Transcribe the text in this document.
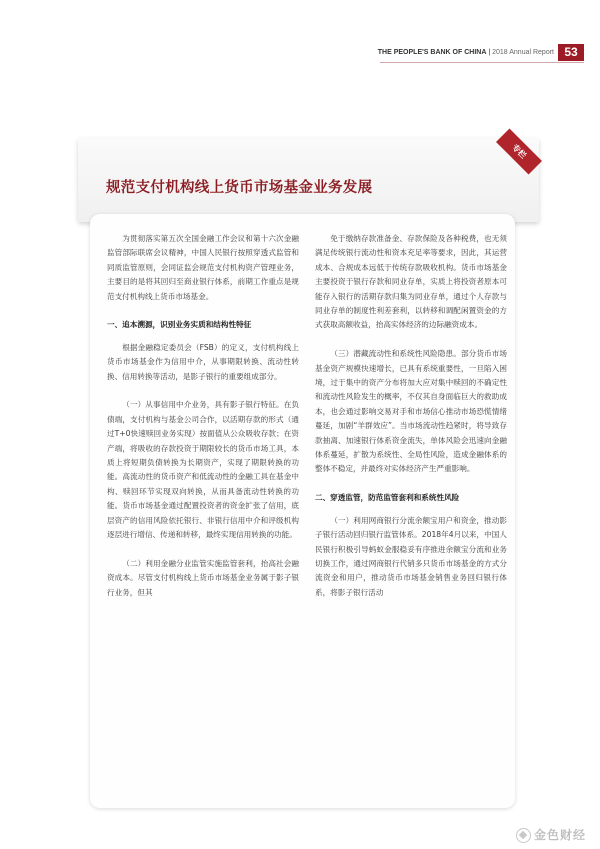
THE PEOPLE'S BANK OF CHINA | 2018 Annual Report 53
规范支付机构线上货币市场基金业务发展
专栏

为贯彻落实第五次全国金融工作会议和第十六次金融监管部际联席会议精神，中国人民银行按照穿透式监管和同质监管原则，会同证监会规范支付机构资产管理业务，主要目的是将其回归至商业银行体系，前期工作重点是规范支付机构线上货币市场基金。

一、追本溯源，识别业务实质和结构性特征

根据金融稳定委员会（FSB）的定义，支付机构线上货币市场基金作为信用中介，从事期限转换、流动性转换、信用转换等活动，是影子银行的重要组成部分。

（一）从事信用中介业务，具有影子银行特征。在负债端，支付机构与基金公司合作，以活期存款的形式（通过T+0快速赎回业务实现）按面值从公众吸收存款；在资产端，将吸收的存款投资于期限较长的货币市场工具，本质上将短期负债转换为长期资产，实现了期限转换的功能。高流动性的货币资产和低流动性的金融工具在基金中构、赎回环节实现双向转换，从而具备流动性转换的功能。货币市场基金通过配置投资者的资金扩张了信用，底层资产的信用风险依托银行、非银行信用中介和评级机构逐层进行增信、传递和转移，最终实现信用转换的功能。

（二）利用金融分业监管实施监管套利，抬高社会融资成本。尽管支付机构线上货币市场基金业务属于影子银行业务，但其

免于缴纳存款准备金、存款保险及各种税费，也无须满足传统银行流动性和资本充足率等要求，因此，其运营成本、合规成本远低于传统存款吸收机构。货币市场基金主要投资于银行存款和同业存单，实质上将投资者原本可能存入银行的活期存款归集为同业存单，通过个人存款与同业存单的制度性利差套利，以转移和调配闲置资金的方式获取高额收益，抬高实体经济的边际融资成本。

（三）潜藏流动性和系统性风险隐患。部分货币市场基金资产规模快速增长，已具有系统重要性，一旦陷入困境，过于集中的资产分布将加大应对集中赎回的不确定性和流动性风险发生的概率，不仅其自身面临巨大的救助成本，也会通过影响交易对手和市场信心推动市场恐慌情绪蔓延，加剧“羊群效应”。当市场流动性趋紧时，将导致存款抽离、加速银行体系资金流失，单体风险会迅速向金融体系蔓延，扩散为系统性、全局性风险，造成金融体系的整体不稳定，并最终对实体经济产生严重影响。

二、穿透监管，防范监管套利和系统性风险

（一）利用网商银行分流余额宝用户和资金，推动影子银行活动回归银行监管体系。2018年4月以来，中国人民银行积极引导蚂蚁金服稳妥有序推进余额宝分流和业务切换工作，通过网商银行代销多只货币市场基金的方式分流资金和用户，推动货币市场基金销售业务回归银行体系，将影子银行活动

金色财经
